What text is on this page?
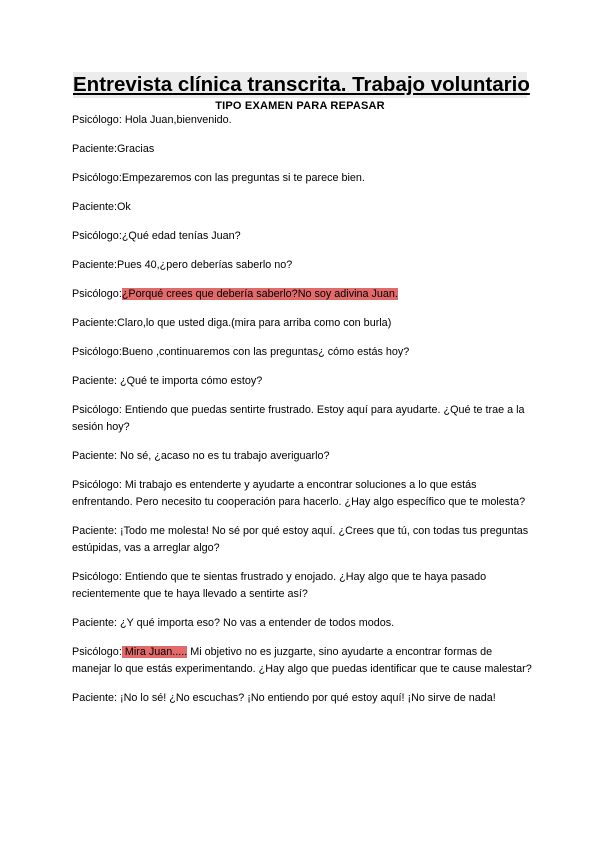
Entrevista clínica transcrita. Trabajo voluntario
TIPO EXAMEN PARA REPASAR

Psicólogo: Hola Juan,bienvenido.

Paciente:Gracias

Psicólogo:Empezaremos con las preguntas si te parece bien.

Paciente:Ok

Psicólogo:¿Qué edad tenías Juan?

Paciente:Pues 40,¿pero deberías saberlo no?

Psicólogo:¿Porqué crees que debería saberlo?No soy adivina Juan.

Paciente:Claro,lo que usted diga.(mira para arriba como con burla)

Psicólogo:Bueno ,continuaremos con las preguntas¿ cómo estás hoy?

Paciente: ¿Qué te importa cómo estoy?

Psicólogo: Entiendo que puedas sentirte frustrado. Estoy aquí para ayudarte. ¿Qué te trae a la sesión hoy?

Paciente: No sé, ¿acaso no es tu trabajo averiguarlo?

Psicólogo: Mi trabajo es entenderte y ayudarte a encontrar soluciones a lo que estás enfrentando. Pero necesito tu cooperación para hacerlo. ¿Hay algo específico que te molesta?

Paciente: ¡Todo me molesta! No sé por qué estoy aquí. ¿Crees que tú, con todas tus preguntas estúpidas, vas a arreglar algo?

Psicólogo: Entiendo que te sientas frustrado y enojado. ¿Hay algo que te haya pasado recientemente que te haya llevado a sentirte así?

Paciente: ¿Y qué importa eso? No vas a entender de todos modos.

Psicólogo: Mira Juan..... Mi objetivo no es juzgarte, sino ayudarte a encontrar formas de manejar lo que estás experimentando. ¿Hay algo que puedas identificar que te cause malestar?

Paciente: ¡No lo sé! ¿No escuchas? ¡No entiendo por qué estoy aquí! ¡No sirve de nada!
